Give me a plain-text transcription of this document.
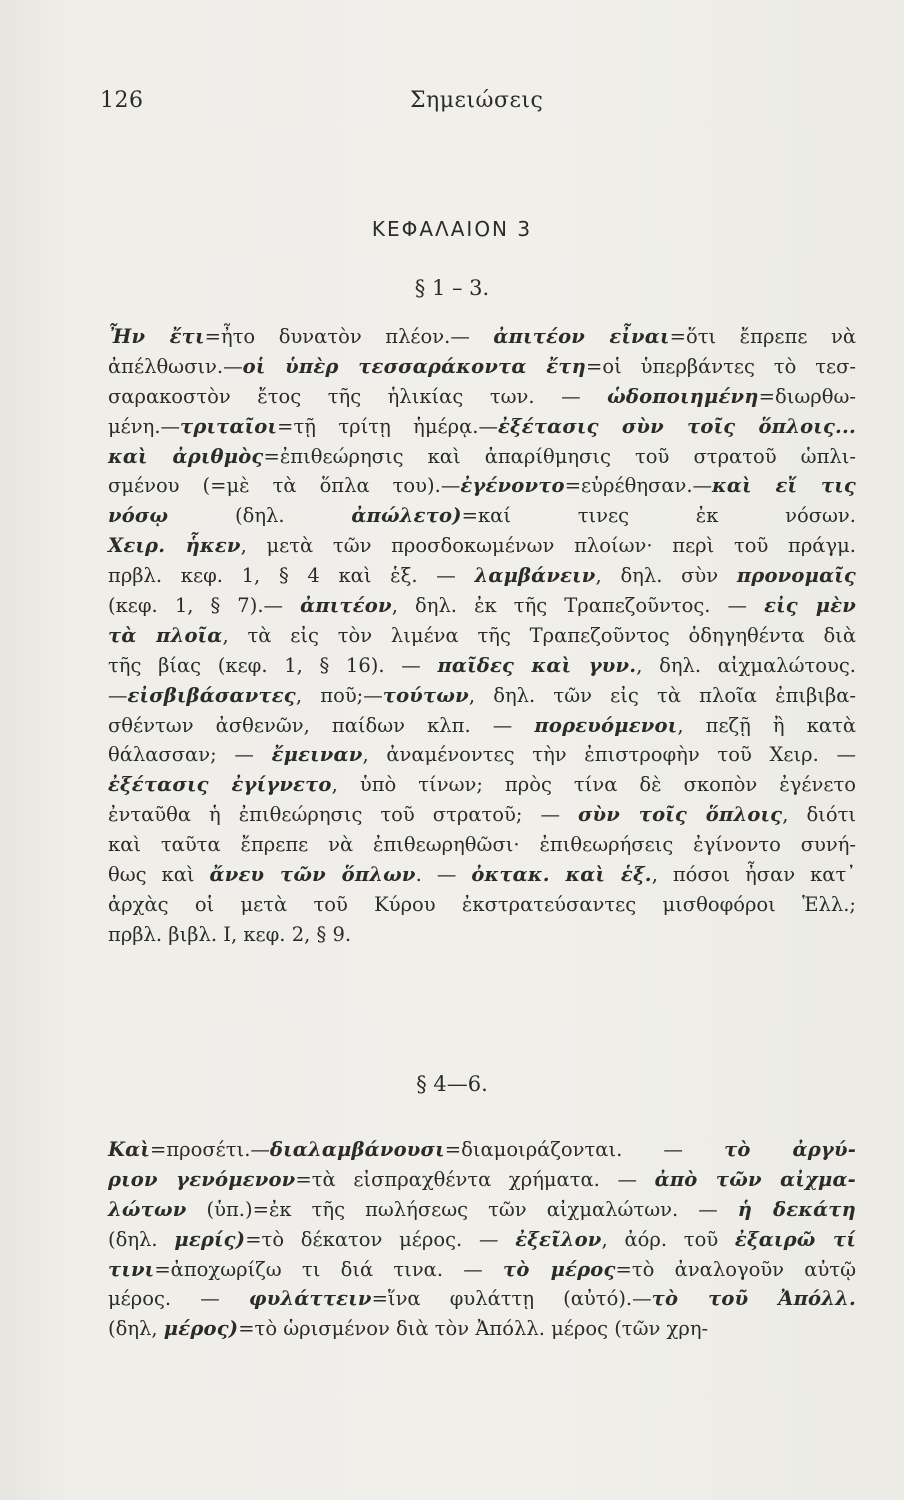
126	Σημειώσεις
ΚΕΦΑΛΑΙΟΝ 3
§ 1 – 3.
Ἦν ἔτι=ἦτο δυνατὸν πλέον.— ἀπιτέον εἶναι=ὅτι ἔπρεπε νὰ
ἀπέλθωσιν.—οἱ ὑπὲρ τεσσαράκοντα ἔτη=οἱ ὑπερβάντες τὸ τεσ-
σαρακοστὸν ἔτος τῆς ἡλικίας των. — ὡδοποιημένη=διωρθω-
μένη.—τριταῖοι=τῇ τρίτῃ ἡμέρᾳ.—ἐξέτασις σὺν τοῖς ὅπλοις...
καὶ ἀριθμὸς=ἐπιθεώρησις καὶ ἀπαρίθμησις τοῦ στρατοῦ ὡπλι-
σμένου (=μὲ τὰ ὅπλα του).—ἐγένοντο=εὑρέθησαν.—καὶ εἴ τις
νόσῳ (δηλ. ἀπώλετο)=καί τινες ἐκ νόσων.
Χειρ. ἧκεν, μετὰ τῶν προσδοκωμένων πλοίων· περὶ τοῦ πράγμ.
πρβλ. κεφ. 1, § 4 καὶ ἑξ. — λαμβάνειν, δηλ. σὺν προνομαῖς
(κεφ. 1, § 7).— ἀπιτέον, δηλ. ἐκ τῆς Τραπεζοῦντος. — εἰς μὲν
τὰ πλοῖα, τὰ εἰς τὸν λιμένα τῆς Τραπεζοῦντος ὁδηγηθέντα διὰ
τῆς βίας (κεφ. 1, § 16). — παῖδες καὶ γυν., δηλ. αἰχμαλώτους.
—εἰσβιβάσαντες, ποῦ;—τούτων, δηλ. τῶν εἰς τὰ πλοῖα ἐπιβιβα-
σθέντων ἀσθενῶν, παίδων κλπ. — πορευόμενοι, πεζῇ ἢ κατὰ
θάλασσαν; — ἔμειναν, ἀναμένοντες τὴν ἐπιστροφὴν τοῦ Χειρ. —
ἐξέτασις ἐγίγνετο, ὑπὸ τίνων; πρὸς τίνα δὲ σκοπὸν ἐγένετο
ἐνταῦθα ἡ ἐπιθεώρησις τοῦ στρατοῦ; — σὺν τοῖς ὅπλοις, διότι
καὶ ταῦτα ἔπρεπε νὰ ἐπιθεωρηθῶσι· ἐπιθεωρήσεις ἐγίνοντο συνή-
θως καὶ ἄνευ τῶν ὅπλων. — ὀκτακ. καὶ ἑξ., πόσοι ἦσαν κατ᾽
ἀρχὰς οἱ μετὰ τοῦ Κύρου ἐκστρατεύσαντες μισθοφόροι Ἑλλ.;
πρβλ. βιβλ. Ι, κεφ. 2, § 9.
§ 4—6.
Καὶ=προσέτι.—διαλαμβάνουσι=διαμοιράζονται. — τὸ ἀργύ-
ριον γενόμενον=τὰ εἰσπραχθέντα χρήματα. — ἀπὸ τῶν αἰχμα-
λώτων (ὑπ.)=ἐκ τῆς πωλήσεως τῶν αἰχμαλώτων. — ἡ δεκάτη
(δηλ. μερίς)=τὸ δέκατον μέρος. — ἐξεῖλον, ἀόρ. τοῦ ἐξαιρῶ τί
τινι=ἀποχωρίζω τι διά τινα. — τὸ μέρος=τὸ ἀναλογοῦν αὐτῷ
μέρος. — φυλάττειν=ἵνα φυλάττῃ (αὐτό).—τὸ τοῦ Ἀπόλλ.
(δηλ, μέρος)=τὸ ὡρισμένον διὰ τὸν Ἀπόλλ. μέρος (τῶν χρη-
